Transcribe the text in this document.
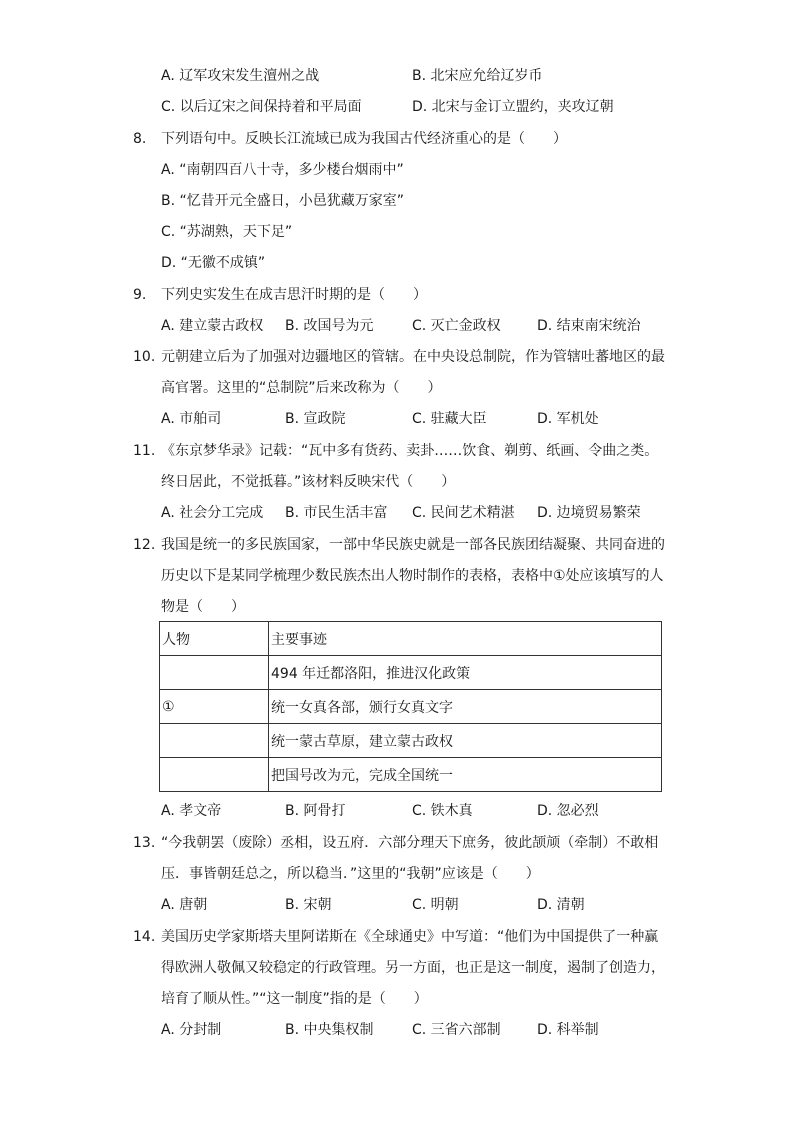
A. 辽军攻宋发生澶州之战	B. 北宋应允给辽岁币
C. 以后辽宋之间保持着和平局面	D. 北宋与金订立盟约，夹攻辽朝
8. 下列语句中。反映长江流域已成为我国古代经济重心的是（　　）
A. “南朝四百八十寺，多少楼台烟雨中”
B. “忆昔开元全盛日，小邑犹藏万家室”
C. “苏湖熟，天下足”
D. “无徽不成镇”
9. 下列史实发生在成吉思汗时期的是（　　）
A. 建立蒙古政权 B. 改国号为元	C. 灭亡金政权	D. 结束南宋统治
10. 元朝建立后为了加强对边疆地区的管辖。在中央设总制院，作为管辖吐蕃地区的最
高官署。这里的“总制院”后来改称为（　　）
A. 市舶司	B. 宣政院	C. 驻藏大臣	D. 军机处
11. 《东京梦华录》记载：“瓦中多有货药、卖卦……饮食、剃剪、纸画、令曲之类。
终日居此，不觉抵暮。”该材料反映宋代（　　）
A. 社会分工完成 B. 市民生活丰富 C. 民间艺术精湛 D. 边境贸易繁荣
12. 我国是统一的多民族国家，一部中华民族史就是一部各民族团结凝聚、共同奋进的
历史以下是某同学梳理少数民族杰出人物时制作的表格，表格中①处应该填写的人
物是（　　）
人物	主要事迹
	494 年迁都洛阳，推进汉化政策
①	统一女真各部，颁行女真文字
	统一蒙古草原，建立蒙古政权
	把国号改为元，完成全国统一
A. 孝文帝	B. 阿骨打	C. 铁木真	D. 忽必烈
13. “今我朝罢（废除）丞相，设五府．六部分理天下庶务，彼此颉颃（牵制）不敢相
压．事皆朝廷总之，所以稳当．”这里的“我朝”应该是（　　）
A. 唐朝	B. 宋朝	C. 明朝	D. 清朝
14. 美国历史学家斯塔夫里阿诺斯在《全球通史》中写道：“他们为中国提供了一种赢
得欧洲人敬佩又较稳定的行政管理。另一方面，也正是这一制度，遏制了创造力，
培育了顺从性。”“这一制度”指的是（　　）
A. 分封制	B. 中央集权制	C. 三省六部制	D. 科举制
